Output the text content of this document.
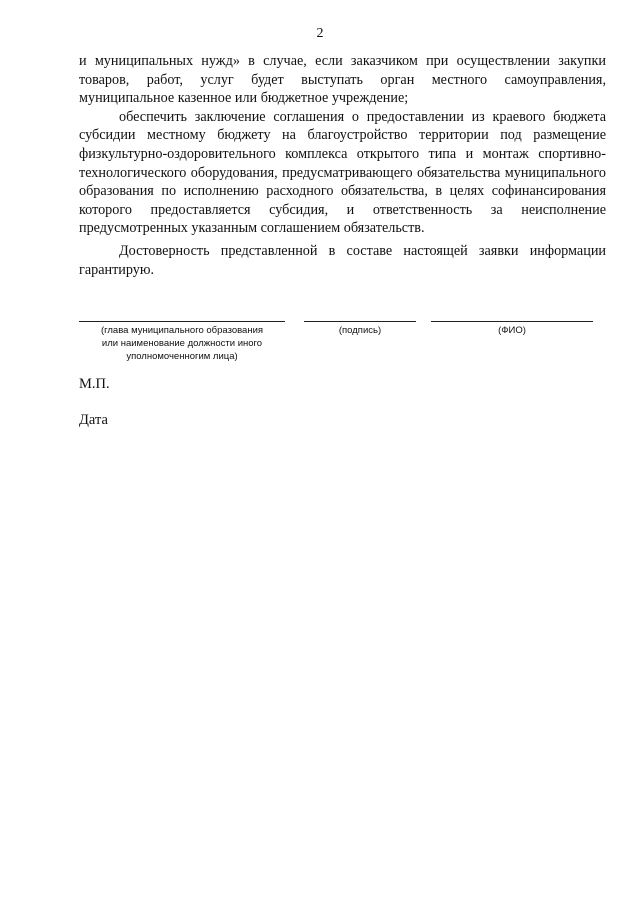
2

и муниципальных нужд» в случае, если заказчиком при осуществлении закупки товаров, работ, услуг будет выступать орган местного самоуправления, муниципальное казенное или бюджетное учреждение;

обеспечить заключение соглашения о предоставлении из краевого бюджета субсидии местному бюджету на благоустройство территории под размещение физкультурно-оздоровительного комплекса открытого типа и монтаж спортивно-технологического оборудования, предусматривающего обязательства муниципального образования по исполнению расходного обязательства, в целях софинансирования которого предоставляется субсидия, и ответственность за неисполнение предусмотренных указанным соглашением обязательств.

Достоверность представленной в составе настоящей заявки информации гарантирую.

(глава муниципального образования
или наименование должности иного
уполномоченногим лица)
(подпись)	(ФИО)
М.П.
Дата
